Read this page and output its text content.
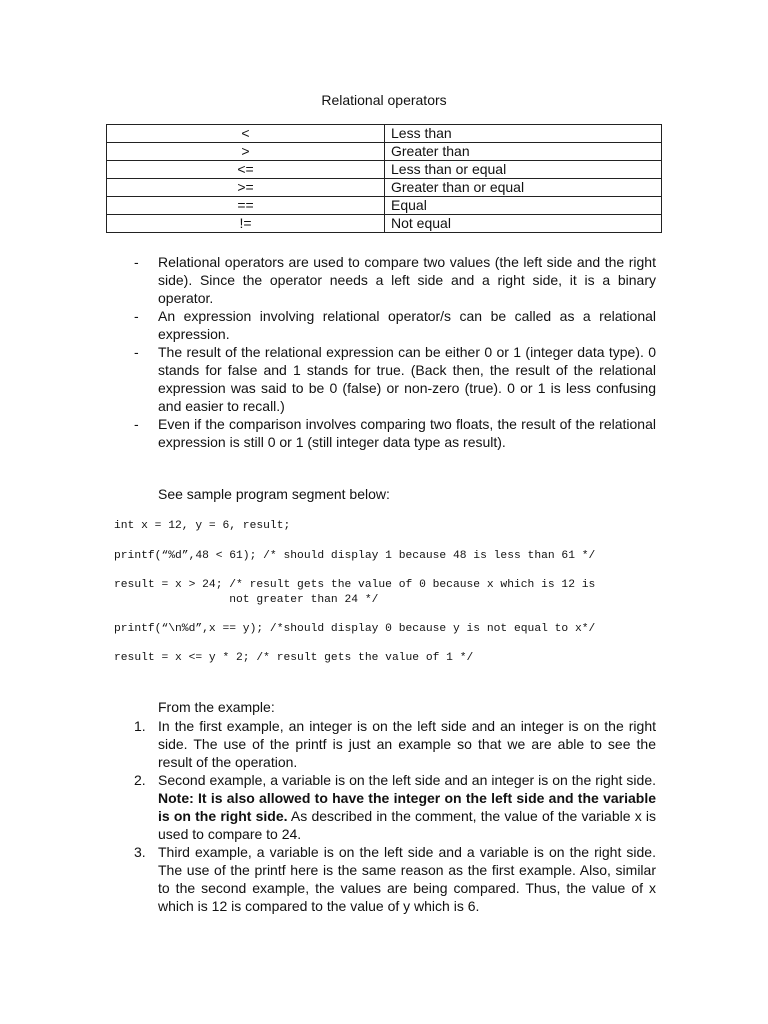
Relational operators
<	Less than
>	Greater than
<=	Less than or equal
>=	Greater than or equal
==	Equal
!=	Not equal
- Relational operators are used to compare two values (the left side and the right side). Since the operator needs a left side and a right side, it is a binary operator.
- An expression involving relational operator/s can be called as a relational expression.
- The result of the relational expression can be either 0 or 1 (integer data type). 0 stands for false and 1 stands for true. (Back then, the result of the relational expression was said to be 0 (false) or non-zero (true). 0 or 1 is less confusing and easier to recall.)
- Even if the comparison involves comparing two floats, the result of the relational expression is still 0 or 1 (still integer data type as result).
See sample program segment below:
int x = 12, y = 6, result;
printf(“%d”,48 < 61); /* should display 1 because 48 is less than 61 */
result = x > 24; /* result gets the value of 0 because x which is 12 is
not greater than 24 */
printf(“\n%d”,x == y); /*should display 0 because y is not equal to x*/
result = x <= y * 2; /* result gets the value of 1 */
From the example:
1. In the first example, an integer is on the left side and an integer is on the right side. The use of the printf is just an example so that we are able to see the result of the operation.
2. Second example, a variable is on the left side and an integer is on the right side. Note: It is also allowed to have the integer on the left side and the variable is on the right side. As described in the comment, the value of the variable x is used to compare to 24.
3. Third example, a variable is on the left side and a variable is on the right side. The use of the printf here is the same reason as the first example. Also, similar to the second example, the values are being compared. Thus, the value of x which is 12 is compared to the value of y which is 6.
